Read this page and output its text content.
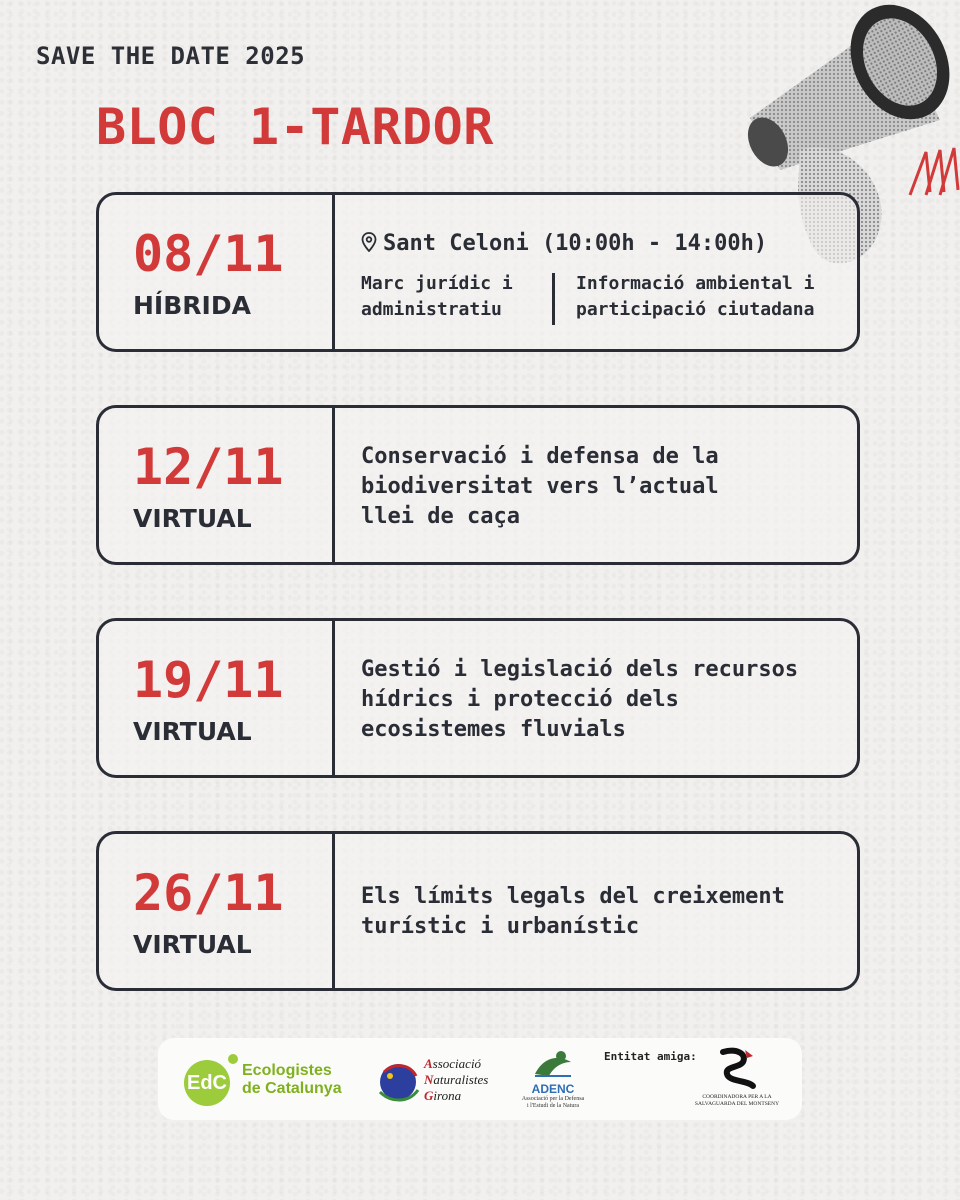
SAVE THE DATE 2025
BLOC 1-TARDOR
08/11
HÍBRIDA
Sant Celoni (10:00h - 14:00h)
Marc jurídic i
administratiu
Informació ambiental i
participació ciutadana
12/11
VIRTUAL
Conservació i defensa de la
biodiversitat vers l’actual
llei de caça
19/11
VIRTUAL
Gestió i legislació dels recursos
hídrics i protecció dels
ecosistemes fluvials
26/11
VIRTUAL
Els límits legals del creixement
turístic i urbanístic
EdC
Ecologistes
de Catalunya
Associació
Naturalistes
Girona	ADENC
Associació per la Defensa
i l'Estudi de la Natura
Entitat amiga:
COORDINADORA PER A LA
SALVAGUARDA DEL MONTSENY
